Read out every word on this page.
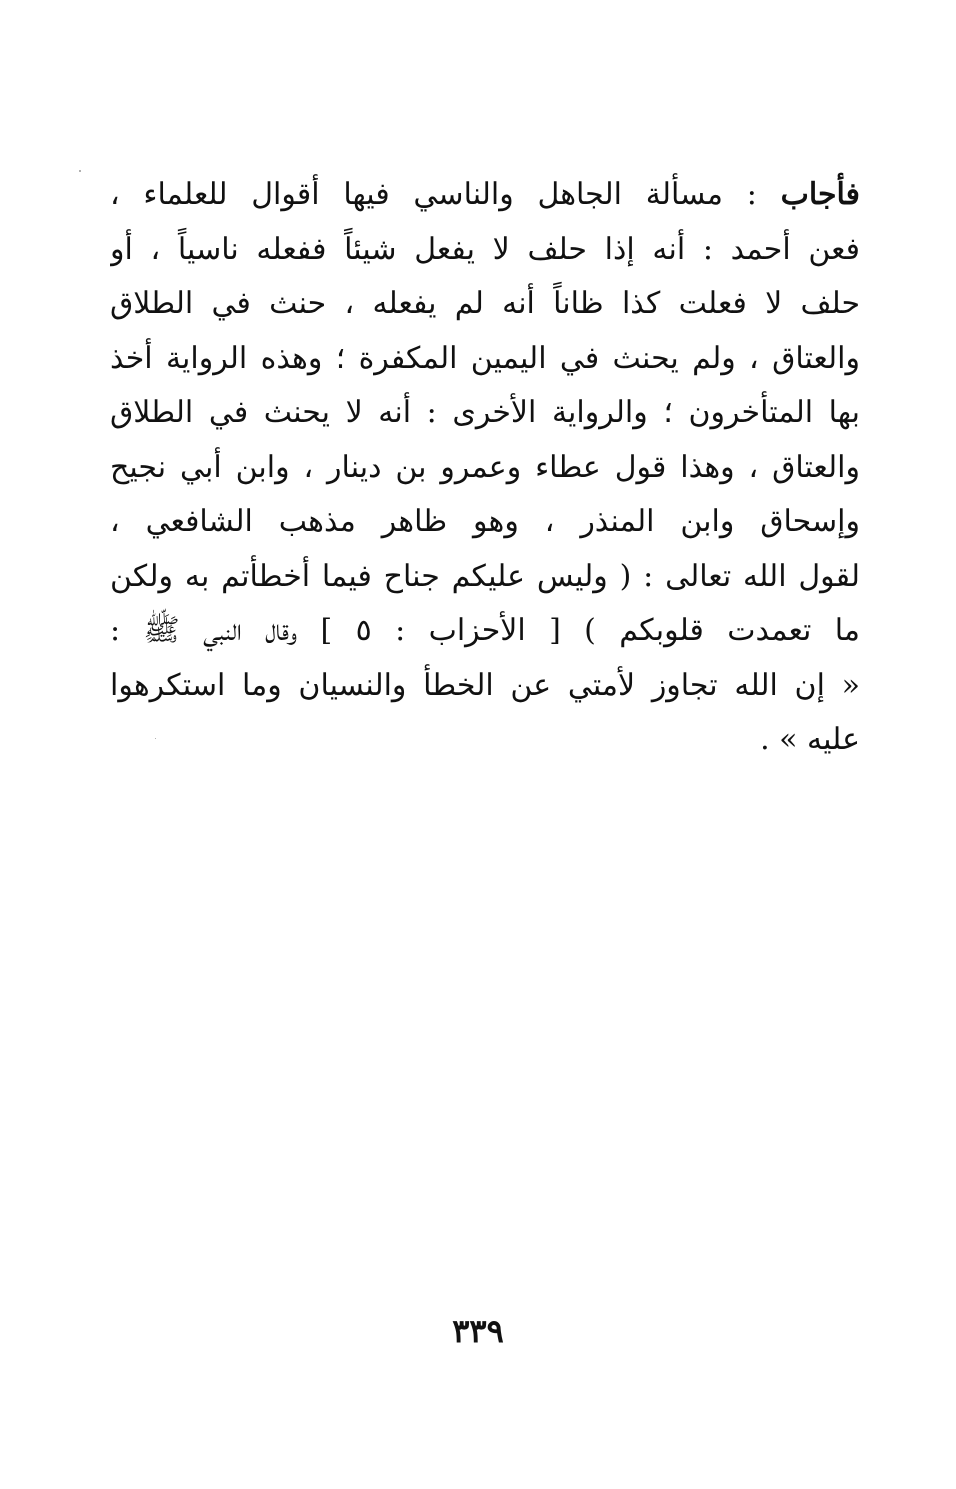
فأجاب : مسألة الجاهل والناسي فيها أقوال للعلماء ،
فعن أحمد : أنه إذا حلف لا يفعل شيئاً ففعله ناسياً ، أو
حلف لا فعلت كذا ظاناً أنه لم يفعله ، حنث في الطلاق
والعتاق ، ولم يحنث في اليمين المكفرة ؛ وهذه الرواية أخذ
بها المتأخرون ؛ والرواية الأخرى : أنه لا يحنث في الطلاق
والعتاق ، وهذا قول عطاء وعمرو بن دينار ، وابن أبي نجيح
وإسحاق وابن المنذر ، وهو ظاهر مذهب الشافعي ،
لقول الله تعالى : ( وليس عليكم جناح فيما أخطأتم به ولكن
ما تعمدت قلوبكم ) [ الأحزاب : ٥ ] وقال النبي ﷺ :
« إن الله تجاوز لأمتي عن الخطأ والنسيان وما استكرهوا
عليه » .
٣٣٩
